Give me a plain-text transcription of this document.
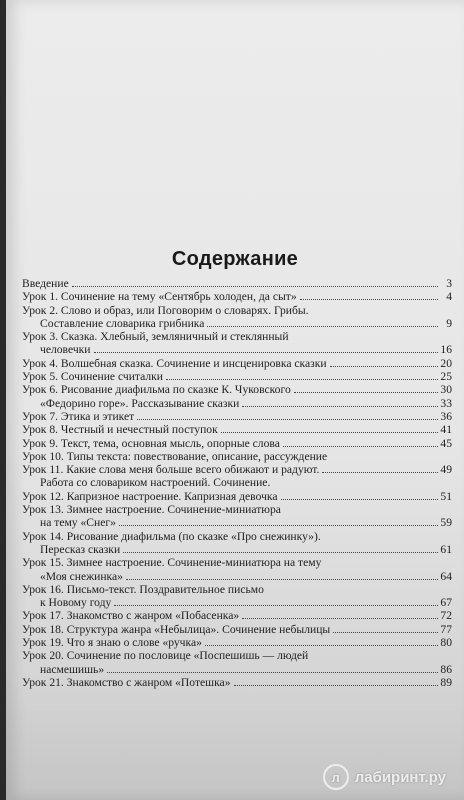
Содержание
Введение	3
Урок 1. Сочинение на тему «Сентябрь холоден, да сыт»	4
Урок 2. Слово и образ, или Поговорим о словарях. Грибы.
Составление словарика грибника	9
Урок 3. Сказка. Хлебный, земляничный и стеклянный
человечки	16
Урок 4. Волшебная сказка. Сочинение и инсценировка сказки	20
Урок 5. Сочинение считалки	25
Урок 6. Рисование диафильма по сказке К. Чуковского	30
«Федорино горе». Рассказывание сказки	33
Урок 7. Этика и этикет	36
Урок 8. Честный и нечестный поступок	41
Урок 9. Текст, тема, основная мысль, опорные слова	45
Урок 10. Типы текста: повествование, описание, рассуждение
Урок 11. Какие слова меня больше всего обижают и радуют.	49
Работа со словариком настроений. Сочинение.
Урок 12. Капризное настроение. Капризная девочка	51
Урок 13. Зимнее настроение. Сочинение-миниатюра
на тему «Снег»	59
Урок 14. Рисование диафильма (по сказке «Про снежинку»).
Пересказ сказки	61
Урок 15. Зимнее настроение. Сочинение-миниатюра на тему
«Моя снежинка»	64
Урок 16. Письмо-текст. Поздравительное письмо
к Новому году	67
Урок 17. Знакомство с жанром «Побасенка»	72
Урок 18. Структура жанра «Небылица». Сочинение небылицы	77
Урок 19. Что я знаю о слове «ручка»	80
Урок 20. Сочинение по пословице «Поспешишь — людей
насмешишь»	86
Урок 21. Знакомство с жанром «Потешка»	89
л лабиринт.ру
